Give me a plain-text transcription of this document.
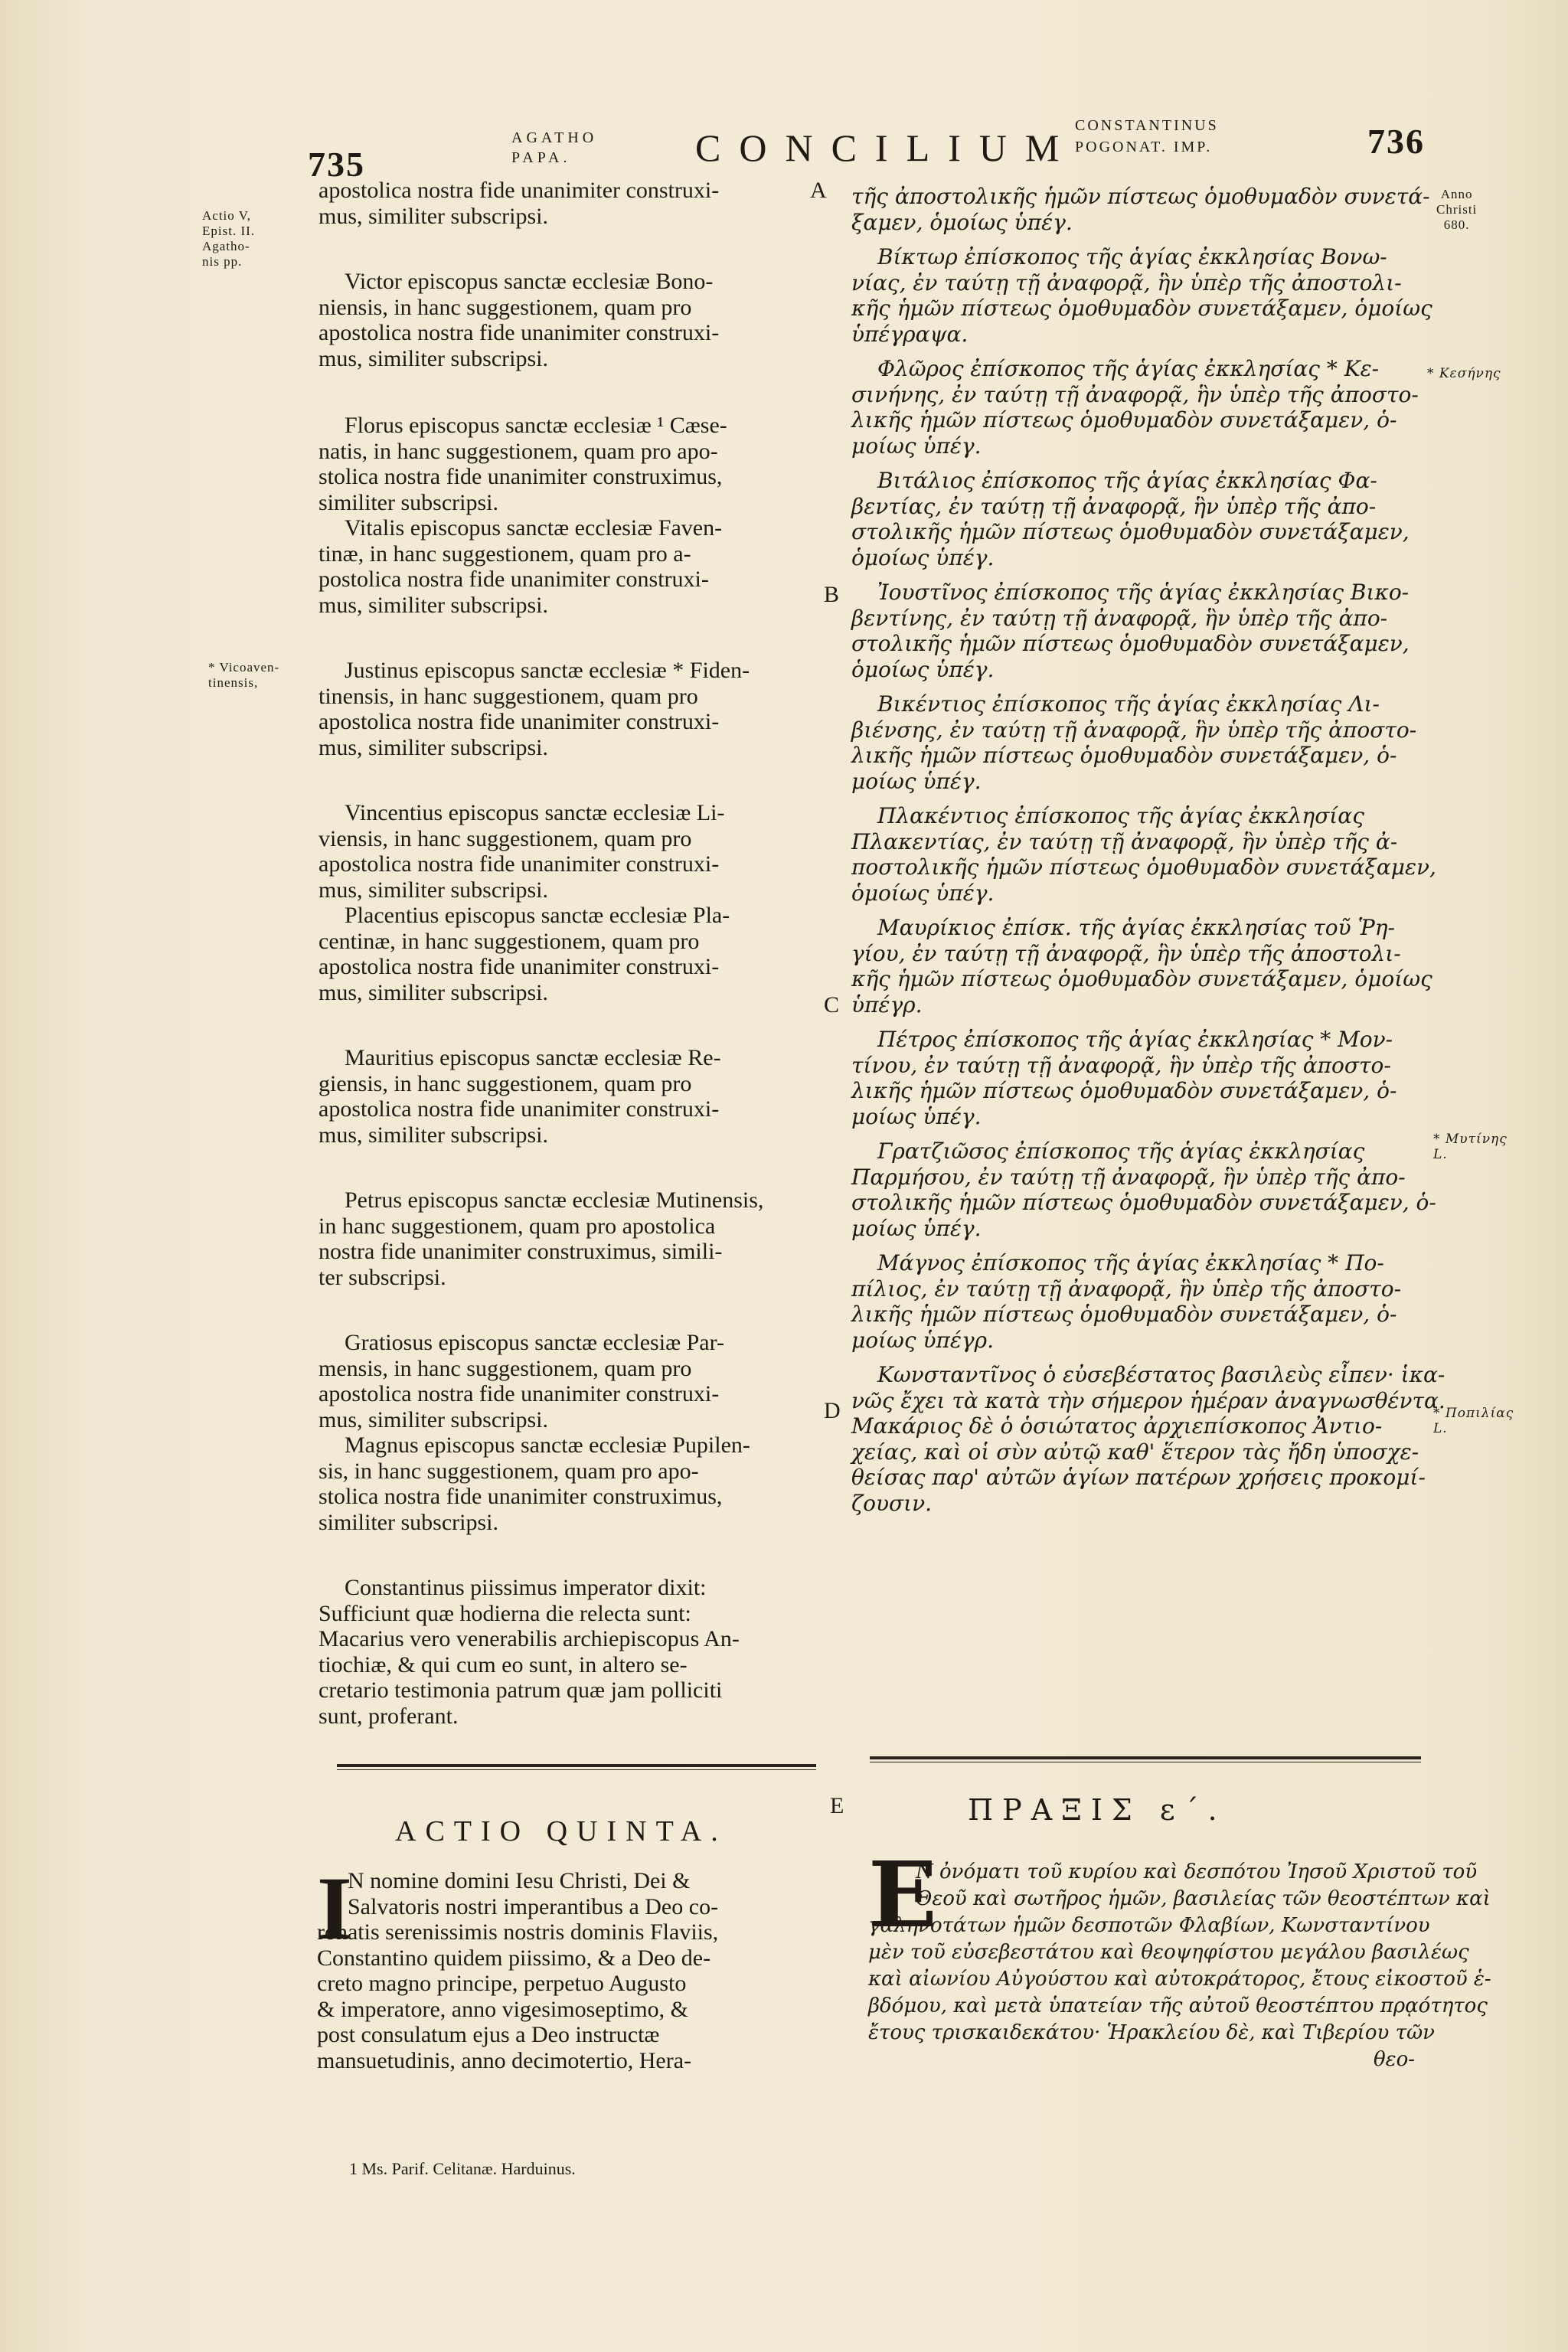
735
AGATHO
PAPA.	CONCILIUM
CONSTANTINUS
POGONAT. IMP.	736
Actio V,
Epist. II.
Agatho-
nis pp.
* Vicoaven-
tinensis,
Anno
Christi
680.
* Κεσήνης
* Μυτίνης
L.
* Ποπιλίας
L.
A
B
C
D
E
apostolica nostra fide unanimiter construxi-
mus, similiter subscripsi.
Victor episcopus sanctæ ecclesiæ Bono-
niensis, in hanc suggestionem, quam pro
apostolica nostra fide unanimiter construxi-
mus, similiter subscripsi.
Florus episcopus sanctæ ecclesiæ ¹ Cæse-
natis, in hanc suggestionem, quam pro apo-
stolica nostra fide unanimiter construximus,
similiter subscripsi.
Vitalis episcopus sanctæ ecclesiæ Faven-
tinæ, in hanc suggestionem, quam pro a-
postolica nostra fide unanimiter construxi-
mus, similiter subscripsi.
Justinus episcopus sanctæ ecclesiæ * Fiden-
tinensis, in hanc suggestionem, quam pro
apostolica nostra fide unanimiter construxi-
mus, similiter subscripsi.
Vincentius episcopus sanctæ ecclesiæ Li-
viensis, in hanc suggestionem, quam pro
apostolica nostra fide unanimiter construxi-
mus, similiter subscripsi.
Placentius episcopus sanctæ ecclesiæ Pla-
centinæ, in hanc suggestionem, quam pro
apostolica nostra fide unanimiter construxi-
mus, similiter subscripsi.
Mauritius episcopus sanctæ ecclesiæ Re-
giensis, in hanc suggestionem, quam pro
apostolica nostra fide unanimiter construxi-
mus, similiter subscripsi.
Petrus episcopus sanctæ ecclesiæ Mutinensis,
in hanc suggestionem, quam pro apostolica
nostra fide unanimiter construximus, simili-
ter subscripsi.
Gratiosus episcopus sanctæ ecclesiæ Par-
mensis, in hanc suggestionem, quam pro
apostolica nostra fide unanimiter construxi-
mus, similiter subscripsi.
Magnus episcopus sanctæ ecclesiæ Pupilen-
sis, in hanc suggestionem, quam pro apo-
stolica nostra fide unanimiter construximus,
similiter subscripsi.
Constantinus piissimus imperator dixit:
Sufficiunt quæ hodierna die relecta sunt:
Macarius vero venerabilis archiepiscopus An-
tiochiæ, & qui cum eo sunt, in altero se-
cretario testimonia patrum quæ jam polliciti
sunt, proferant.
τῆς ἀποστολικῆς ἡμῶν πίστεως ὁμοθυμαδὸν συνετά-
ξαμεν, ὁμοίως ὑπέγ.
Βίκτωρ ἐπίσκοπος τῆς ἁγίας ἐκκλησίας Βονω-
νίας, ἐν ταύτῃ τῇ ἀναφορᾷ, ἣν ὑπὲρ τῆς ἀποστολι-
κῆς ἡμῶν πίστεως ὁμοθυμαδὸν συνετάξαμεν, ὁμοίως
ὑπέγραψα.
Φλῶρος ἐπίσκοπος τῆς ἁγίας ἐκκλησίας * Κε-
σινήνης, ἐν ταύτῃ τῇ ἀναφορᾷ, ἣν ὑπὲρ τῆς ἀποστο-
λικῆς ἡμῶν πίστεως ὁμοθυμαδὸν συνετάξαμεν, ὁ-
μοίως ὑπέγ.
Βιτάλιος ἐπίσκοπος τῆς ἁγίας ἐκκλησίας Φα-
βεντίας, ἐν ταύτῃ τῇ ἀναφορᾷ, ἣν ὑπὲρ τῆς ἀπο-
στολικῆς ἡμῶν πίστεως ὁμοθυμαδὸν συνετάξαμεν,
ὁμοίως ὑπέγ.
Ἰουστῖνος ἐπίσκοπος τῆς ἁγίας ἐκκλησίας Βικο-
βεντίνης, ἐν ταύτῃ τῇ ἀναφορᾷ, ἣν ὑπὲρ τῆς ἀπο-
στολικῆς ἡμῶν πίστεως ὁμοθυμαδὸν συνετάξαμεν,
ὁμοίως ὑπέγ.
Βικέντιος ἐπίσκοπος τῆς ἁγίας ἐκκλησίας Λι-
βιένσης, ἐν ταύτῃ τῇ ἀναφορᾷ, ἣν ὑπὲρ τῆς ἀποστο-
λικῆς ἡμῶν πίστεως ὁμοθυμαδὸν συνετάξαμεν, ὁ-
μοίως ὑπέγ.
Πλακέντιος ἐπίσκοπος τῆς ἁγίας ἐκκλησίας
Πλακεντίας, ἐν ταύτῃ τῇ ἀναφορᾷ, ἣν ὑπὲρ τῆς ἀ-
ποστολικῆς ἡμῶν πίστεως ὁμοθυμαδὸν συνετάξαμεν,
ὁμοίως ὑπέγ.
Μαυρίκιος ἐπίσκ. τῆς ἁγίας ἐκκλησίας τοῦ Ῥη-
γίου, ἐν ταύτῃ τῇ ἀναφορᾷ, ἣν ὑπὲρ τῆς ἀποστολι-
κῆς ἡμῶν πίστεως ὁμοθυμαδὸν συνετάξαμεν, ὁμοίως
ὑπέγρ.
Πέτρος ἐπίσκοπος τῆς ἁγίας ἐκκλησίας * Μον-
τίνου, ἐν ταύτῃ τῇ ἀναφορᾷ, ἣν ὑπὲρ τῆς ἀποστο-
λικῆς ἡμῶν πίστεως ὁμοθυμαδὸν συνετάξαμεν, ὁ-
μοίως ὑπέγ.
Γρατζιῶσος ἐπίσκοπος τῆς ἁγίας ἐκκλησίας
Παρμήσου, ἐν ταύτῃ τῇ ἀναφορᾷ, ἣν ὑπὲρ τῆς ἀπο-
στολικῆς ἡμῶν πίστεως ὁμοθυμαδὸν συνετάξαμεν, ὁ-
μοίως ὑπέγ.
Μάγνος ἐπίσκοπος τῆς ἁγίας ἐκκλησίας * Πο-
πίλιος, ἐν ταύτῃ τῇ ἀναφορᾷ, ἣν ὑπὲρ τῆς ἀποστο-
λικῆς ἡμῶν πίστεως ὁμοθυμαδὸν συνετάξαμεν, ὁ-
μοίως ὑπέγρ.
Κωνσταντῖνος ὁ εὐσεβέστατος βασιλεὺς εἶπεν· ἱκα-
νῶς ἔχει τὰ κατὰ τὴν σήμερον ἡμέραν ἀναγνωσθέντα.
Μακάριος δὲ ὁ ὁσιώτατος ἀρχιεπίσκοπος Ἀντιο-
χείας, καὶ οἱ σὺν αὐτῷ καθ' ἕτερον τὰς ἤδη ὑποσχε-
θείσας παρ' αὐτῶν ἁγίων πατέρων χρήσεις προκομί-
ζουσιν.
ACTIO QUINTA.
ΠΡΑΞΙΣ ε΄.
I
N nomine domini Iesu Christi, Dei &
Salvatoris nostri imperantibus a Deo co-
ronatis serenissimis nostris dominis Flaviis,
Constantino quidem piissimo, & a Deo de-
creto magno principe, perpetuo Augusto
& imperatore, anno vigesimoseptimo, &
post consulatum ejus a Deo instructæ
mansuetudinis, anno decimotertio, Hera-
Ε
Ν ὀνόματι τοῦ κυρίου καὶ δεσπότου Ἰησοῦ Χριστοῦ τοῦ
Θεοῦ καὶ σωτῆρος ἡμῶν, βασιλείας τῶν θεοστέπτων καὶ
γαληνοτάτων ἡμῶν δεσποτῶν Φλαβίων, Κωνσταντίνου
μὲν τοῦ εὐσεβεστάτου καὶ θεοψηφίστου μεγάλου βασιλέως
καὶ αἰωνίου Αὐγούστου καὶ αὐτοκράτορος, ἔτους εἰκοστοῦ ἑ-
βδόμου, καὶ μετὰ ὑπατείαν τῆς αὐτοῦ θεοστέπτου πρᾳότητος
ἔτους τρισκαιδεκάτου· Ἡρακλείου δὲ, καὶ Τιβερίου τῶν
θεο-
1 Ms. Parif. Celitanæ. Harduinus.
